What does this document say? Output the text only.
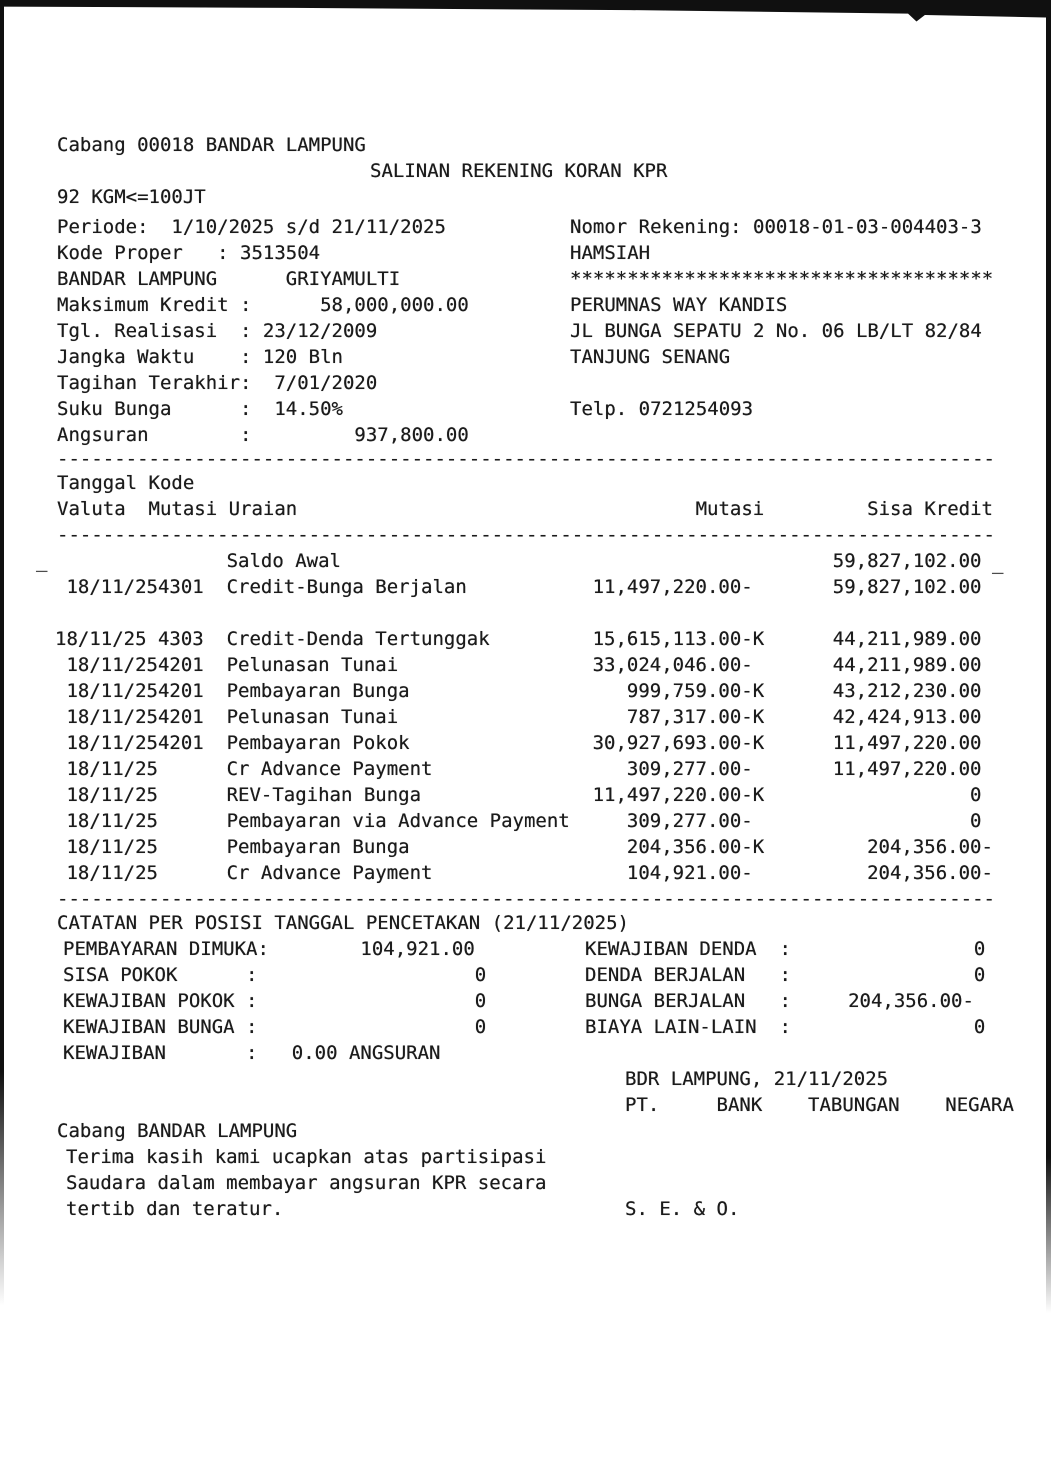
Cabang 00018 BANDAR LAMPUNG
SALINAN REKENING KORAN KPR
92 KGM<=100JT
Periode:  1/10/2025 s/d 21/11/2025
Kode Proper   : 3513504
BANDAR LAMPUNG      GRIYAMULTI
Maksimum Kredit :      58,000,000.00
Tgl. Realisasi  : 23/12/2009
Jangka Waktu    : 120 Bln
Tagihan Terakhir:  7/01/2020
Suku Bunga      :  14.50%
Angsuran        :         937,800.00
Nomor Rekening: 00018-01-03-004403-3
HAMSIAH
*************************************
PERUMNAS WAY KANDIS
JL BUNGA SEPATU 2 No. 06 LB/LT 82/84
TANJUNG SENANG
Telp. 0721254093
----------------------------------------------------------------------------------
----------------------------------------------------------------------------------
----------------------------------------------------------------------------------
Tanggal Kode
Valuta  Mutasi Uraian	Mutasi	Sisa Kredit
Saldo Awal	59,827,102.00
18/11/254301 Credit-Bunga Berjalan	11,497,220.00-	59,827,102.00
18/11/25 4303 Credit-Denda Tertunggak	15,615,113.00-K	44,211,989.00
18/11/254201 Pelunasan Tunai	33,024,046.00-	44,211,989.00
18/11/254201 Pembayaran Bunga	999,759.00-K	43,212,230.00
18/11/254201 Pelunasan Tunai	787,317.00-K	42,424,913.00
18/11/254201 Pembayaran Pokok	30,927,693.00-K	11,497,220.00
18/11/25	Cr Advance Payment	309,277.00-	11,497,220.00
18/11/25	REV-Tagihan Bunga	11,497,220.00-K	0
18/11/25	Pembayaran via Advance Payment	309,277.00-	0
18/11/25	Pembayaran Bunga	204,356.00-K	204,356.00-
18/11/25	Cr Advance Payment	104,921.00-	204,356.00-
_	_
CATATAN PER POSISI TANGGAL PENCETAKAN (21/11/2025)
PEMBAYARAN DIMUKA:        104,921.00
SISA POKOK      :                   0
KEWAJIBAN POKOK :                   0
KEWAJIBAN BUNGA :                   0
KEWAJIBAN       :   0.00 ANGSURAN
KEWAJIBAN DENDA  :                0
DENDA BERJALAN   :                0
BUNGA BERJALAN   :     204,356.00-
BIAYA LAIN-LAIN  :                0
BDR LAMPUNG, 21/11/2025
PT.     BANK    TABUNGAN    NEGARA
Cabang BANDAR LAMPUNG
Terima kasih kami ucapkan atas partisipasi
Saudara dalam membayar angsuran KPR secara
tertib dan teratur.	S. E. & O.
